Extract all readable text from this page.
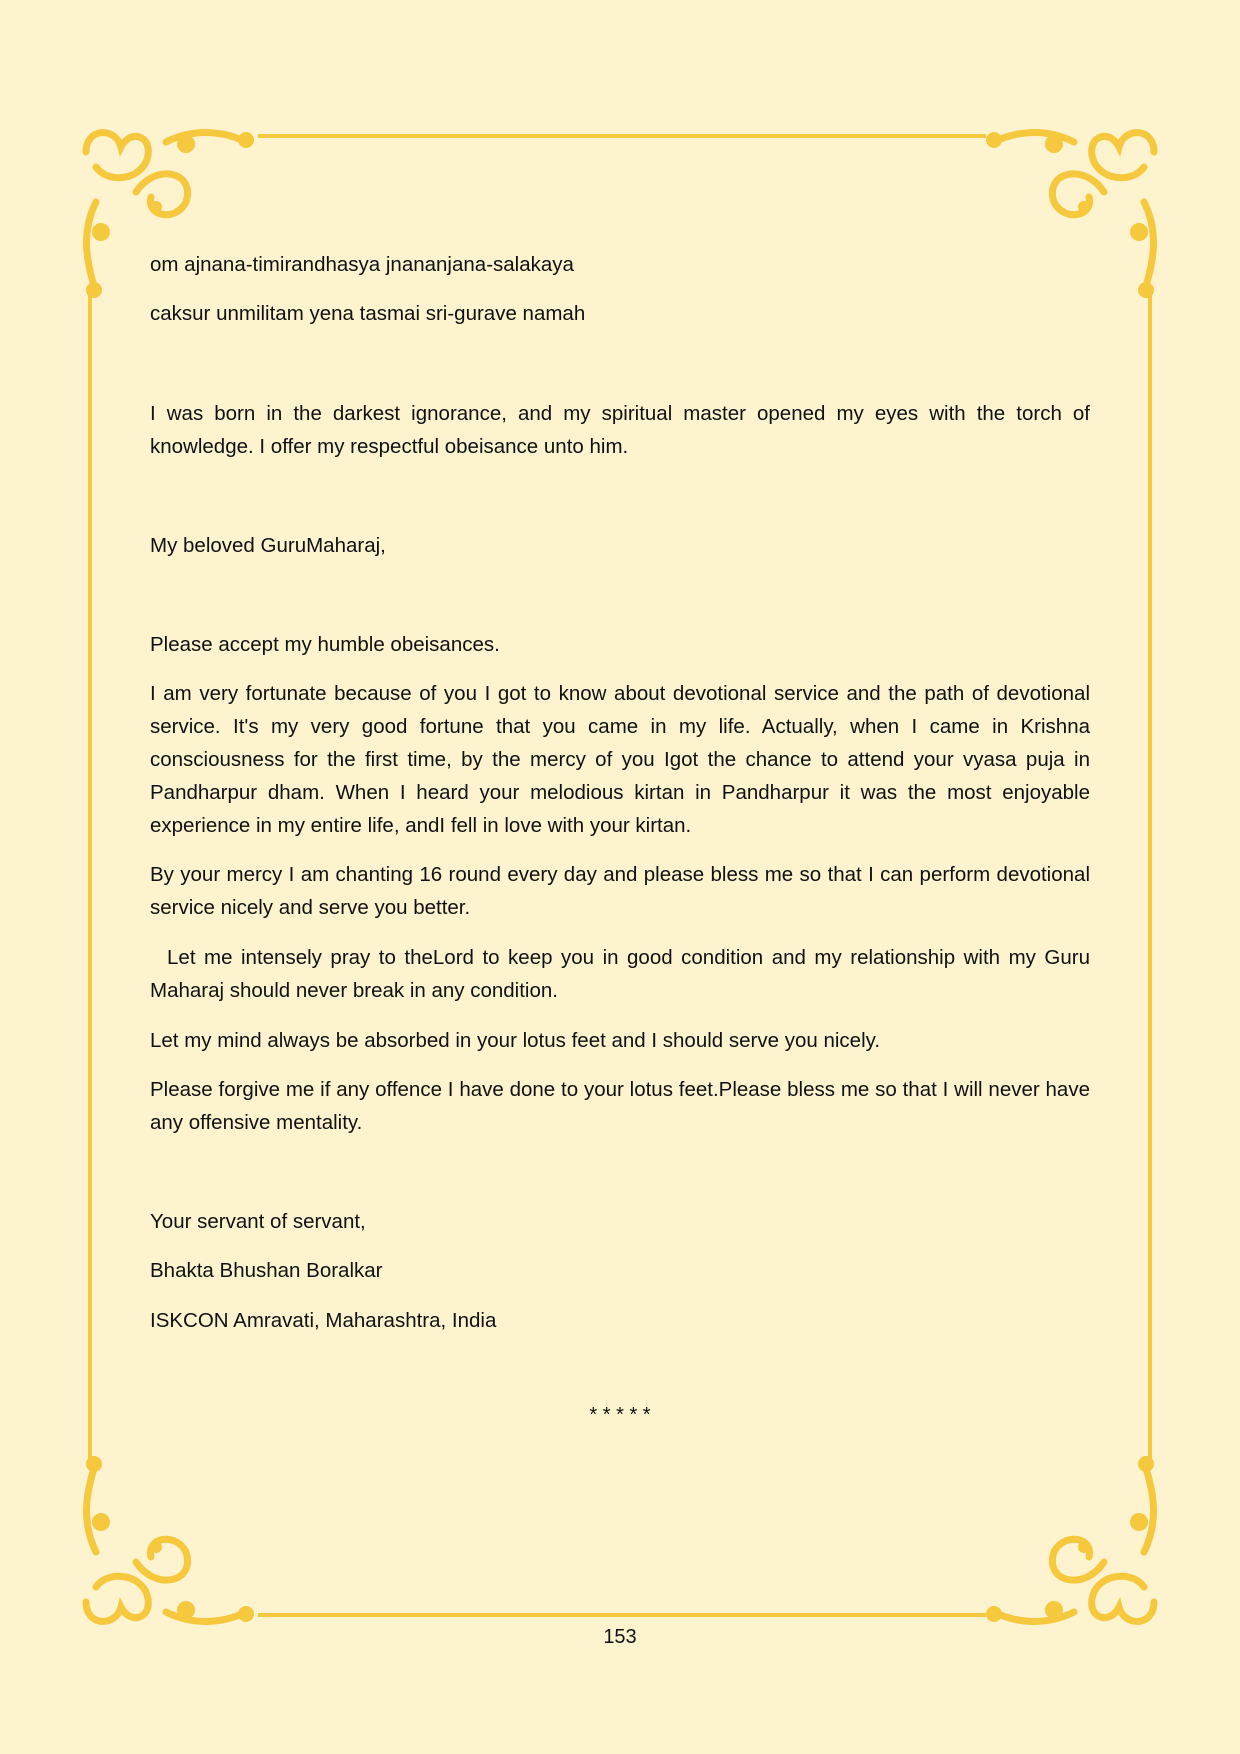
om ajnana-timirandhasya jnananjana-salakaya

caksur unmilitam yena tasmai sri-gurave namah

I was born in the darkest ignorance, and my spiritual master opened my eyes with the torch of knowledge. I offer my respectful obeisance unto him.

My beloved GuruMaharaj,

Please accept my humble obeisances.

I am very fortunate because of you I got to know about devotional service and the path of devotional service. It's my very good fortune that you came in my life. Actually, when I came in Krishna consciousness for the first time, by the mercy of you Igot the chance to attend your vyasa puja in Pandharpur dham. When I heard your melodious kirtan in Pandharpur it was the most enjoyable experience in my entire life, andI fell in love with your kirtan.

By your mercy I am chanting 16 round every day and please bless me so that I can perform devotional service nicely and serve you better.

Let me intensely pray to theLord to keep you in good condition and my relationship with my Guru Maharaj should never break in any condition.

Let my mind always be absorbed in your lotus feet and I should serve you nicely.

Please forgive me if any offence I have done to your lotus feet.Please bless me so that I will never have any offensive mentality.

Your servant of servant,

Bhakta Bhushan Boralkar

ISKCON Amravati, Maharashtra, India

* * * * *
153
